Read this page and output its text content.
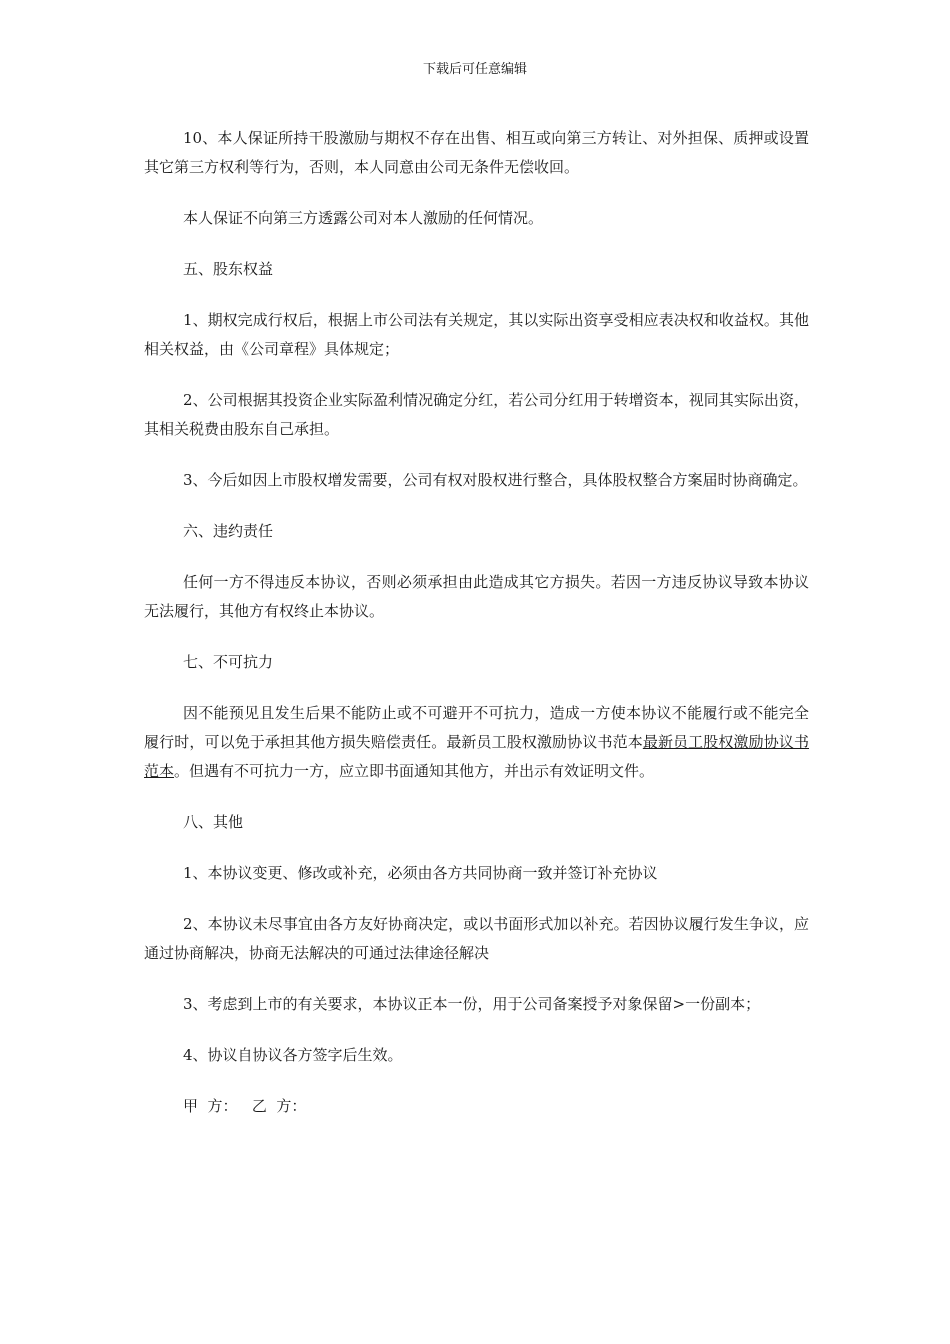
下载后可任意编辑

10、本人保证所持干股激励与期权不存在出售、相互或向第三方转让、对外担保、质押或设置其它第三方权利等行为，否则，本人同意由公司无条件无偿收回。

本人保证不向第三方透露公司对本人激励的任何情况。

五、股东权益

1、期权完成行权后，根据上市公司法有关规定，其以实际出资享受相应表决权和收益权。其他相关权益，由《公司章程》具体规定；

2、公司根据其投资企业实际盈利情况确定分红，若公司分红用于转增资本，视同其实际出资，其相关税费由股东自己承担。

3、今后如因上市股权增发需要，公司有权对股权进行整合，具体股权整合方案届时协商确定。

六、违约责任

任何一方不得违反本协议，否则必须承担由此造成其它方损失。若因一方违反协议导致本协议无法履行，其他方有权终止本协议。

七、不可抗力

因不能预见且发生后果不能防止或不可避开不可抗力，造成一方使本协议不能履行或不能完全履行时，可以免于承担其他方损失赔偿责任。最新员工股权激励协议书范本最新员工股权激励协议书范本。但遇有不可抗力一方，应立即书面通知其他方，并出示有效证明文件。

八、其他

1、本协议变更、修改或补充，必须由各方共同协商一致并签订补充协议

2、本协议未尽事宜由各方友好协商决定，或以书面形式加以补充。若因协议履行发生争议，应通过协商解决，协商无法解决的可通过法律途径解决

3、考虑到上市的有关要求，本协议正本一份，用于公司备案授予对象保留>一份副本；

4、协议自协议各方签字后生效。

甲  方：   乙  方：
